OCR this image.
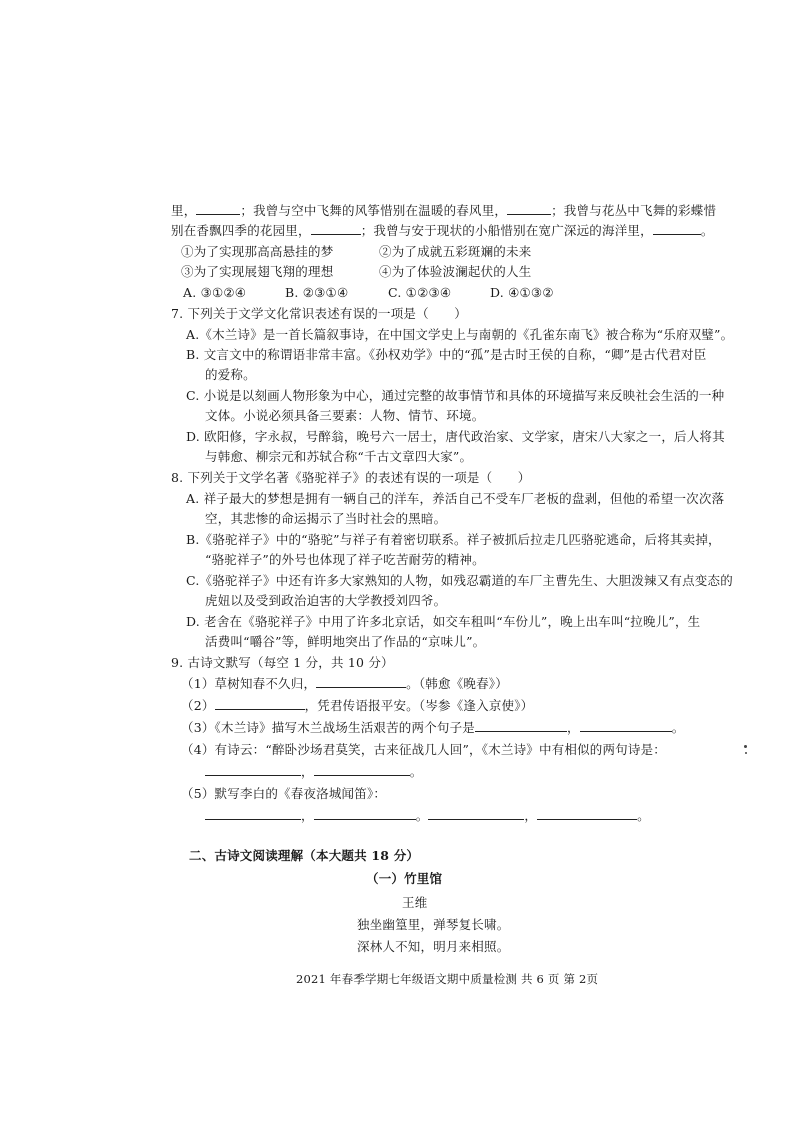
里，	；我曾与空中飞舞的风筝惜别在温暖的春风里，	；我曾与花丛中飞舞的彩蝶惜
别在香飘四季的花园里，	；我曾与安于现状的小船惜别在宽广深远的海洋里，	。
①为了实现那高高悬挂的梦	②为了成就五彩斑斓的未来
③为了实现展翅飞翔的理想	④为了体验波澜起伏的人生
A. ③①②④	B. ②③①④	C. ①②③④	D. ④①③②
7. 下列关于文学文化常识表述有误的一项是（　　）
A.《木兰诗》是一首长篇叙事诗，在中国文学史上与南朝的《孔雀东南飞》被合称为“乐府双璧”。
B. 文言文中的称谓语非常丰富。《孙权劝学》中的“孤”是古时王侯的自称，“卿”是古代君对臣
的爱称。
C. 小说是以刻画人物形象为中心，通过完整的故事情节和具体的环境描写来反映社会生活的一种
文体。小说必须具备三要素：人物、情节、环境。
D. 欧阳修，字永叔，号醉翁，晚号六一居士，唐代政治家、文学家，唐宋八大家之一，后人将其
与韩愈、柳宗元和苏轼合称“千古文章四大家”。
8. 下列关于文学名著《骆驼祥子》的表述有误的一项是（　　）
A. 祥子最大的梦想是拥有一辆自己的洋车，养活自己不受车厂老板的盘剥，但他的希望一次次落
空，其悲惨的命运揭示了当时社会的黑暗。
B.《骆驼祥子》中的“骆驼”与祥子有着密切联系。祥子被抓后拉走几匹骆驼逃命，后将其卖掉，
“骆驼祥子”的外号也体现了祥子吃苦耐劳的精神。
C.《骆驼祥子》中还有许多大家熟知的人物，如残忍霸道的车厂主曹先生、大胆泼辣又有点变态的
虎妞以及受到政治迫害的大学教授刘四爷。
D. 老舍在《骆驼祥子》中用了许多北京话，如交车租叫“车份儿”，晚上出车叫“拉晚儿”，生
活费叫“嚼谷”等，鲜明地突出了作品的“京味儿”。
9. 古诗文默写（每空 1 分，共 10 分）
（1）草树知春不久归，	。（韩愈《晚春》）
（2）	，凭君传语报平安。（岑参《逢入京使》）
（3）《木兰诗》描写木兰战场生活艰苦的两个句子是	，	。
（4）有诗云：“醉卧沙场君莫笑，古来征战几人回”，《木兰诗》中有相似的两句诗是：
，	。
（5）默写李白的《春夜洛城闻笛》：
，	。	，	。
二、古诗文阅读理解（本大题共 18 分）
（一）竹里馆
王维
独坐幽篁里，弹琴复长啸。
深林人不知，明月来相照。
2021 年春季学期七年级语文期中质量检测 共 6 页 第 2页
